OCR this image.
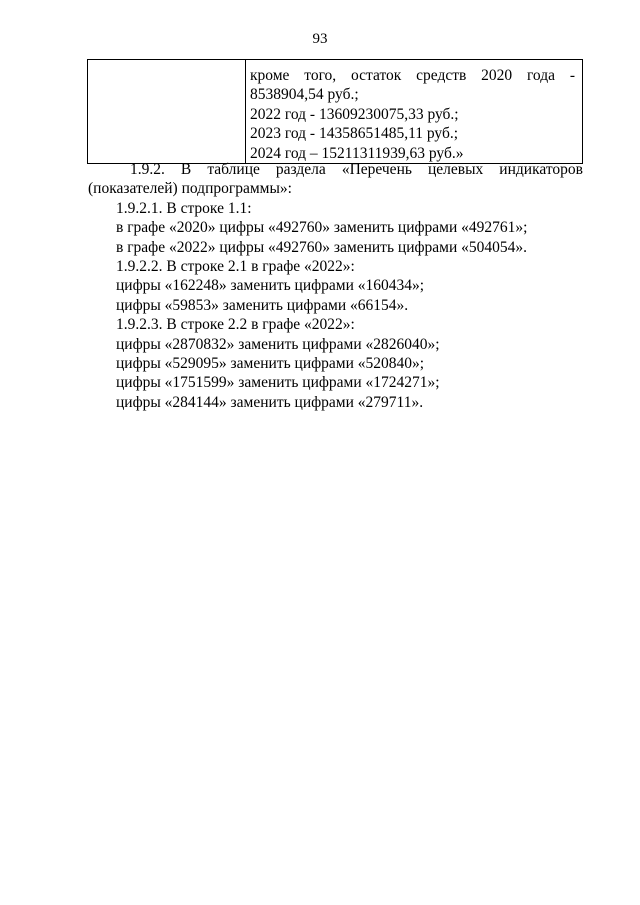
93

кроме того, остаток средств 2020 года -
8538904,54 руб.;
2022 год - 13609230075,33 руб.;
2023 год - 14358651485,11 руб.;
2024 год – 15211311939,63 руб.»
1.9.2. В таблице раздела «Перечень целевых индикаторов
(показателей) подпрограммы»:
1.9.2.1. В строке 1.1:
в графе «2020» цифры «492760» заменить цифрами «492761»;
в графе «2022» цифры «492760» заменить цифрами «504054».
1.9.2.2. В строке 2.1 в графе «2022»:
цифры «162248» заменить цифрами «160434»;
цифры «59853» заменить цифрами «66154».
1.9.2.3. В строке 2.2 в графе «2022»:
цифры «2870832» заменить цифрами «2826040»;
цифры «529095» заменить цифрами «520840»;
цифры «1751599» заменить цифрами «1724271»;
цифры «284144» заменить цифрами «279711».
